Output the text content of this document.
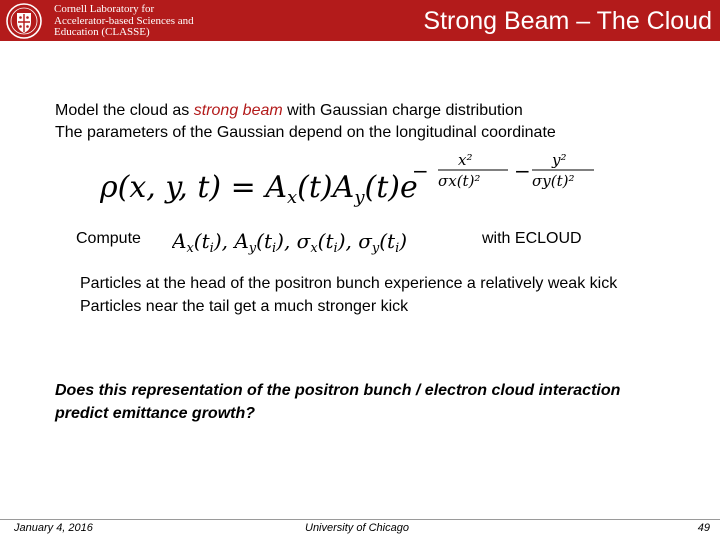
Cornell Laboratory for
Accelerator-based Sciences and
Education (CLASSE)	Strong Beam – The Cloud
Model the cloud as strong beam with Gaussian charge distribution
The parameters of the Gaussian depend on the longitudinal coordinate
ρ(x, y, $t) = A_x(t)A_y(t)e$
− x²
σx(t)² − y²
σy(t)²
Compute $A_x(t_i)$, $A_y(t_i)$, $\sigma_x(t_i)$, $\sigma_y(t_i)$	with ECLOUD
Particles at the head of the positron bunch experience a relatively weak kick
Particles near the tail get a much stronger kick
Does this representation of the positron bunch / electron cloud interaction predict emittance growth?
January 4, 2016	University of Chicago	49
